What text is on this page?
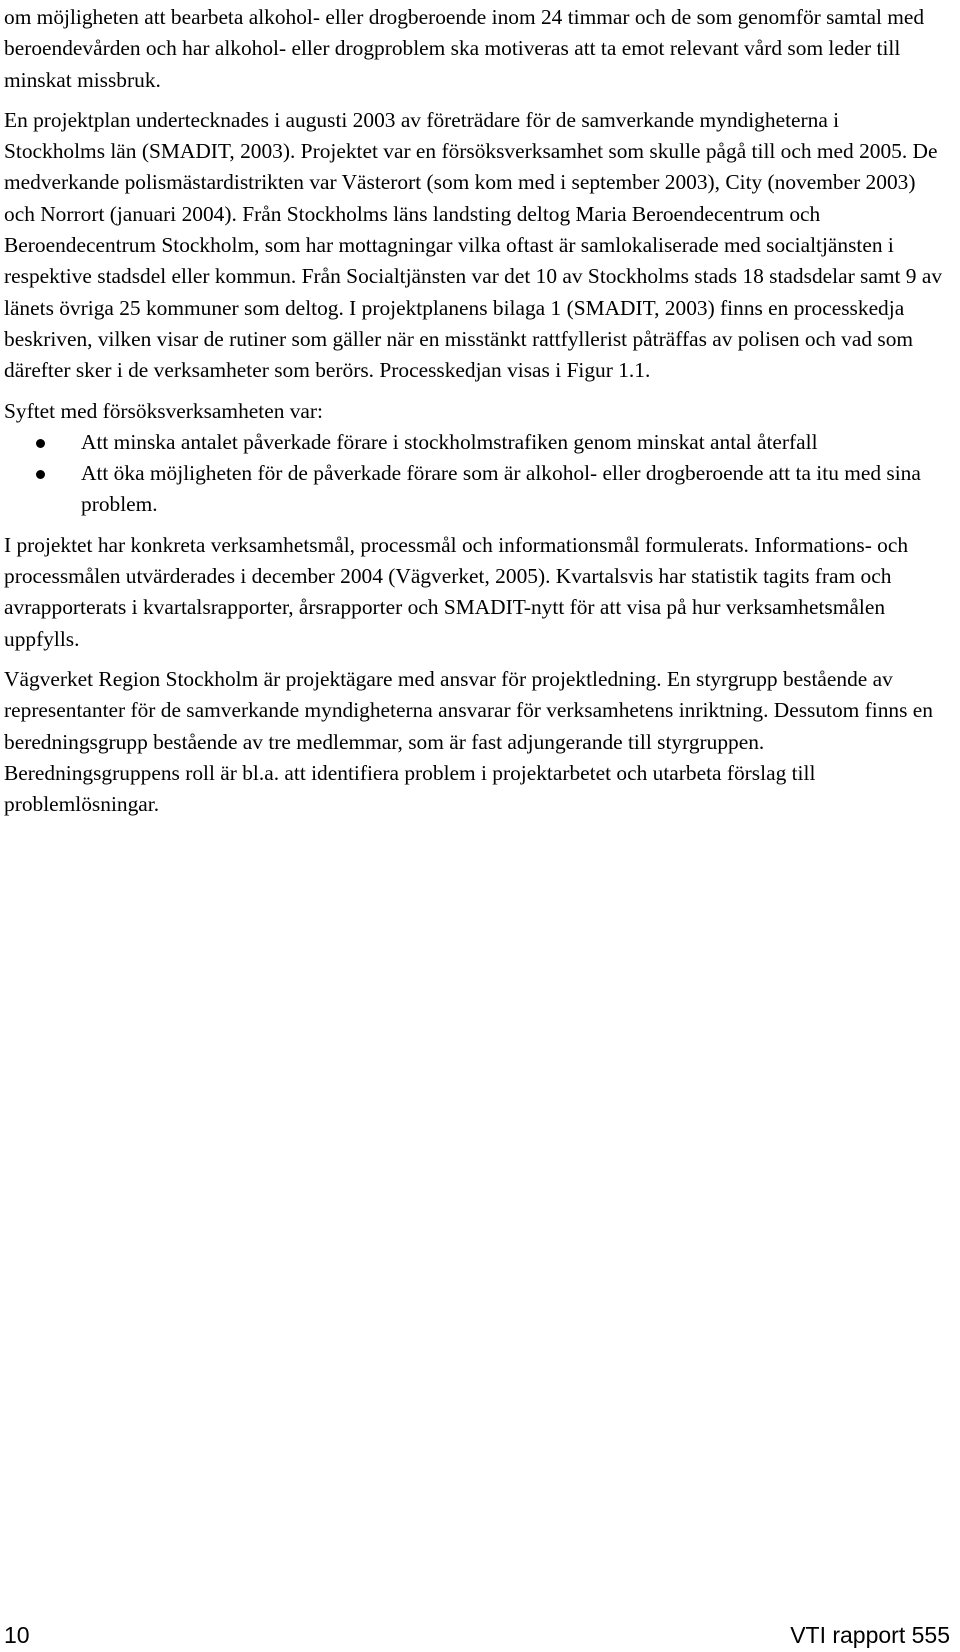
om möjligheten att bearbeta alkohol- eller drogberoende inom 24 timmar och de som genomför samtal med beroendevården och har alkohol- eller drogproblem ska motiveras att ta emot relevant vård som leder till minskat missbruk.

En projektplan undertecknades i augusti 2003 av företrädare för de samverkande myndigheterna i Stockholms län (SMADIT, 2003). Projektet var en försöksverksamhet som skulle pågå till och med 2005. De medverkande polismästardistrikten var Västerort (som kom med i september 2003), City (november 2003) och Norrort (januari 2004). Från Stockholms läns landsting deltog Maria Beroendecentrum och Beroendecentrum Stockholm, som har mottagningar vilka oftast är samlokaliserade med socialtjänsten i respektive stadsdel eller kommun. Från Socialtjänsten var det 10 av Stockholms stads 18 stadsdelar samt 9 av länets övriga 25 kommuner som deltog. I projektplanens bilaga 1 (SMADIT, 2003) finns en processkedja beskriven, vilken visar de rutiner som gäller när en misstänkt rattfyllerist påträffas av polisen och vad som därefter sker i de verksamheter som berörs. Processkedjan visas i Figur 1.1.

Syftet med försöksverksamheten var:

Att minska antalet påverkade förare i stockholmstrafiken genom minskat antal återfall
Att öka möjligheten för de påverkade förare som är alkohol- eller drogberoende att ta itu med sina problem.

I projektet har konkreta verksamhetsmål, processmål och informationsmål formulerats. Informations- och processmålen utvärderades i december 2004 (Vägverket, 2005). Kvartalsvis har statistik tagits fram och avrapporterats i kvartalsrapporter, årsrapporter och SMADIT-nytt för att visa på hur verksamhetsmålen uppfylls.

Vägverket Region Stockholm är projektägare med ansvar för projektledning. En styrgrupp bestående av representanter för de samverkande myndigheterna ansvarar för verksamhetens inriktning. Dessutom finns en beredningsgrupp bestående av tre medlemmar, som är fast adjungerande till styrgruppen. Beredningsgruppens roll är bl.a. att identifiera problem i projektarbetet och utarbeta förslag till problemlösningar.

10	VTI rapport 555
